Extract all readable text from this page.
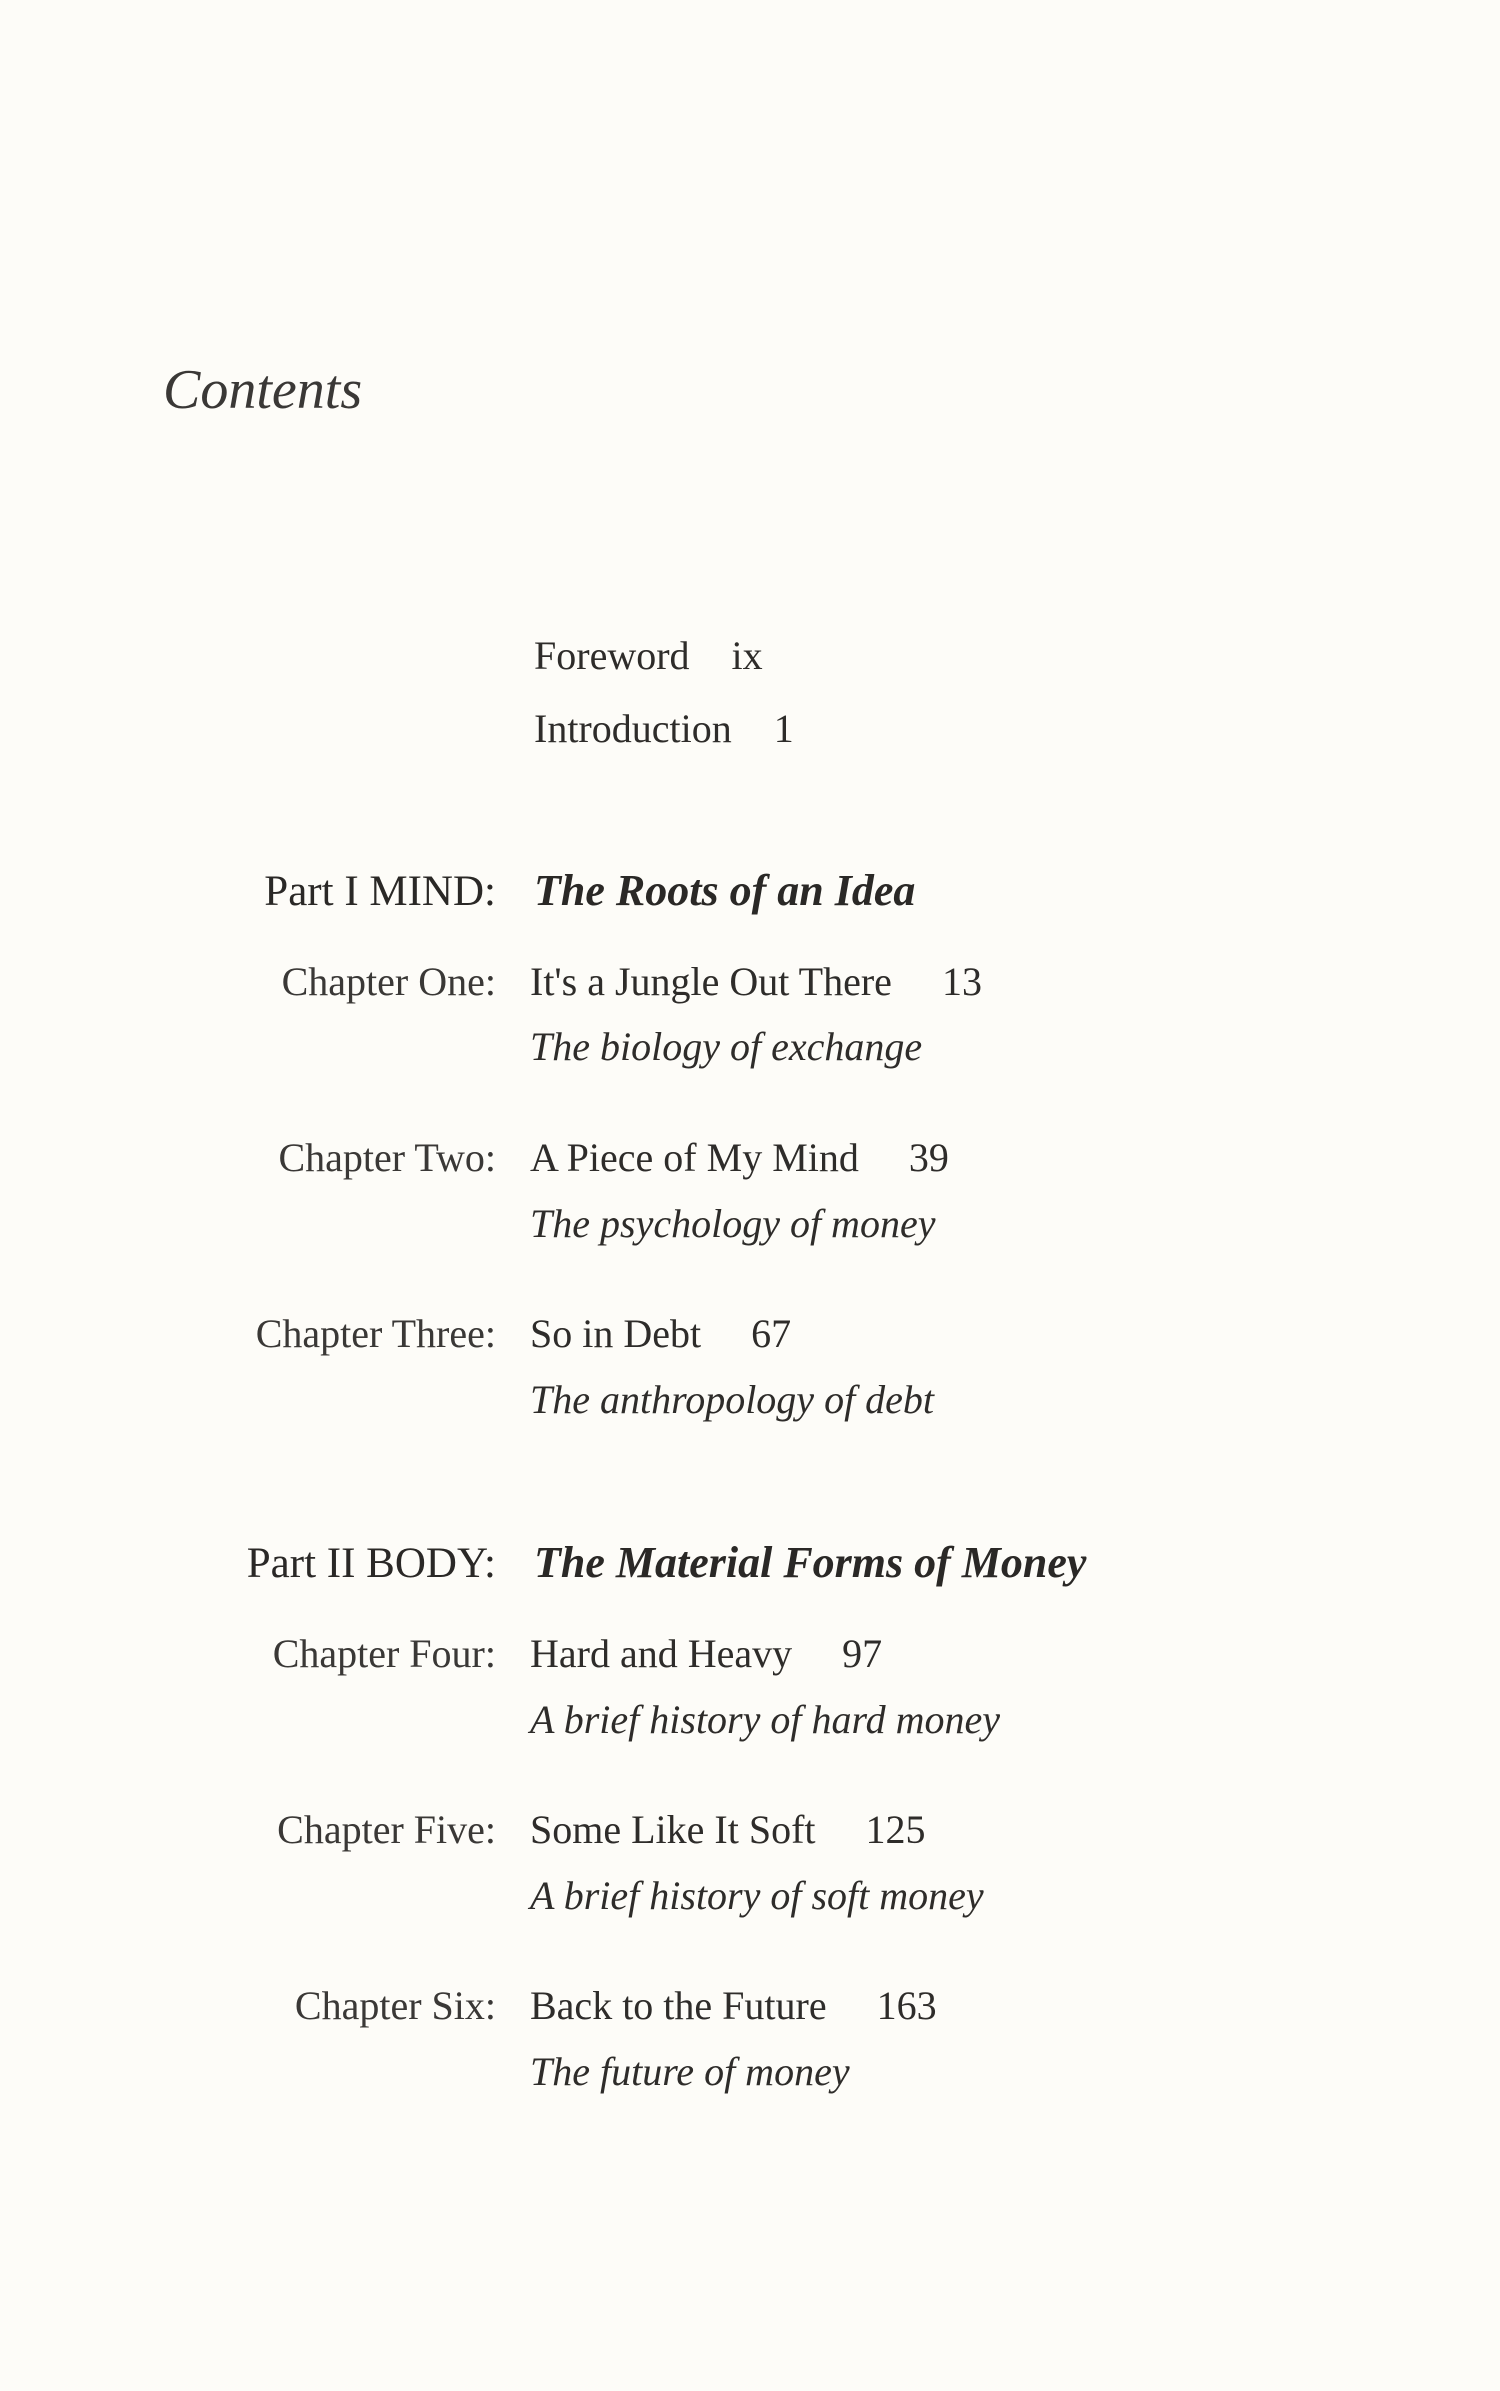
Contents
Foreword ix
Introduction 1
Part I MIND: The Roots of an Idea
Chapter One: It's a Jungle Out There 13
The biology of exchange
Chapter Two: A Piece of My Mind 39
The psychology of money
Chapter Three: So in Debt 67
The anthropology of debt
Part II BODY: The Material Forms of Money
Chapter Four: Hard and Heavy 97
A brief history of hard money
Chapter Five: Some Like It Soft 125
A brief history of soft money
Chapter Six: Back to the Future 163
The future of money
